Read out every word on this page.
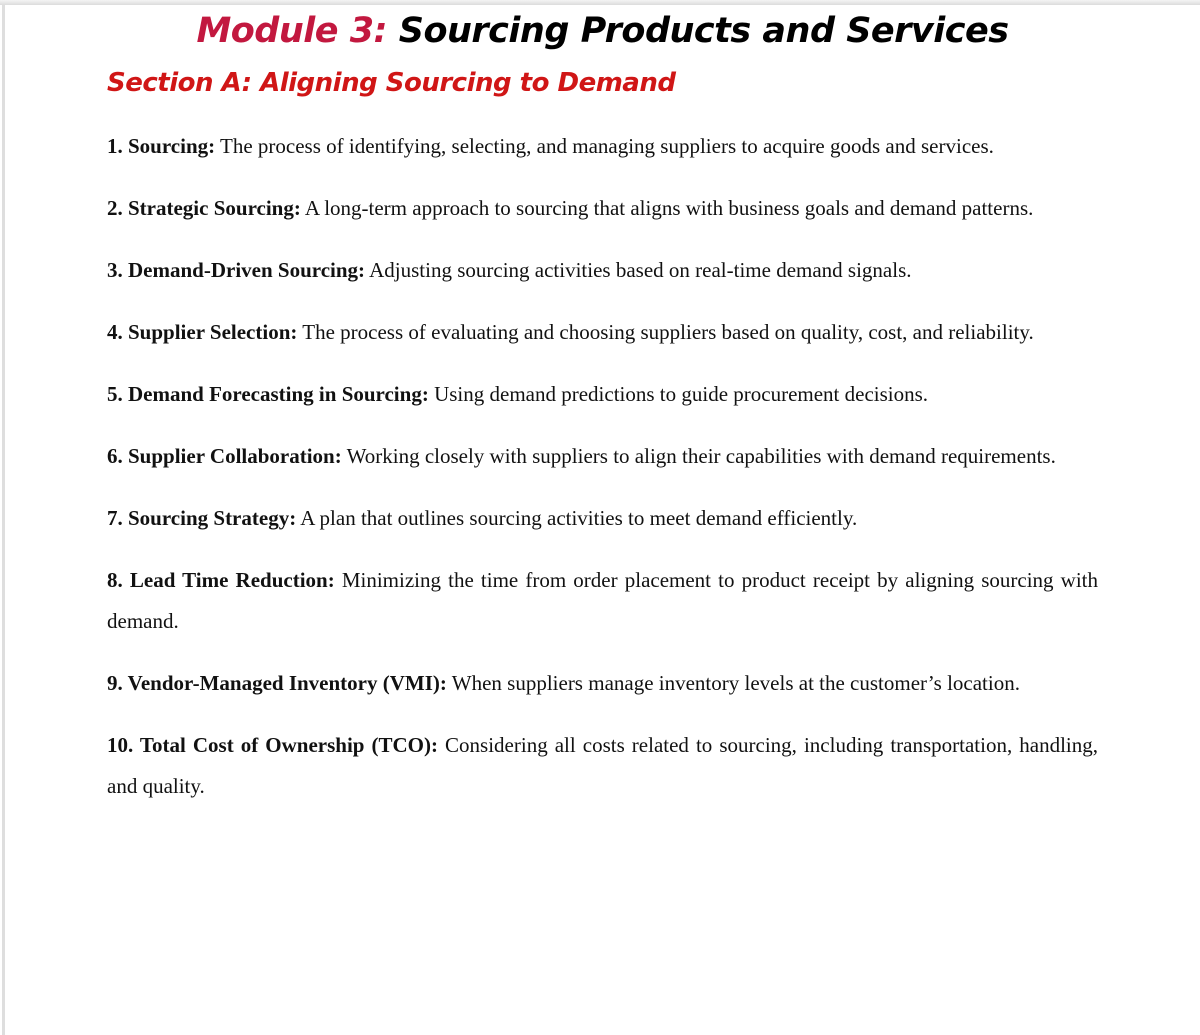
Module 3: Sourcing Products and Services
Section A: Aligning Sourcing to Demand

1. Sourcing: The process of identifying, selecting, and managing suppliers to acquire goods and services.

2. Strategic Sourcing: A long-term approach to sourcing that aligns with business goals and demand patterns.

3. Demand-Driven Sourcing: Adjusting sourcing activities based on real-time demand signals.

4. Supplier Selection: The process of evaluating and choosing suppliers based on quality, cost, and reliability.

5. Demand Forecasting in Sourcing: Using demand predictions to guide procurement decisions.

6. Supplier Collaboration: Working closely with suppliers to align their capabilities with demand requirements.

7. Sourcing Strategy: A plan that outlines sourcing activities to meet demand efficiently.

8. Lead Time Reduction: Minimizing the time from order placement to product receipt by aligning sourcing with demand.

9. Vendor-Managed Inventory (VMI): When suppliers manage inventory levels at the customer’s location.

10. Total Cost of Ownership (TCO): Considering all costs related to sourcing, including transportation, handling, and quality.
